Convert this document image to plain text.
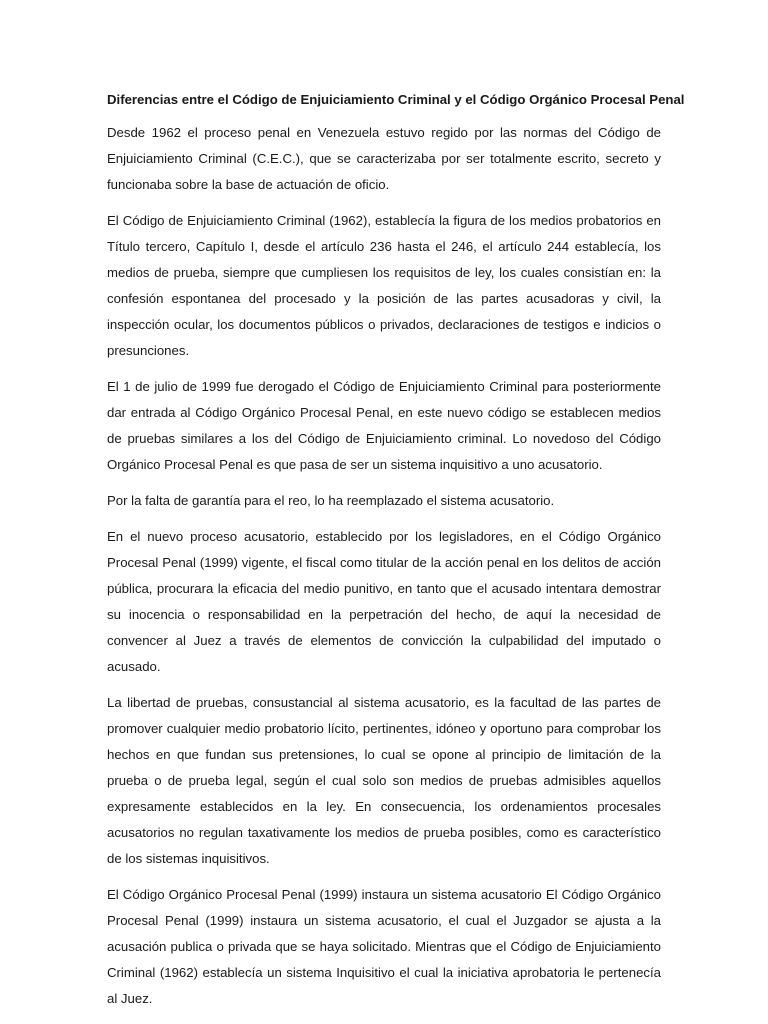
Diferencias entre el Código de Enjuiciamiento Criminal y el Código Orgánico Procesal Penal

Desde 1962 el proceso penal en Venezuela estuvo regido por las normas del Código de Enjuiciamiento Criminal (C.E.C.), que se caracterizaba por ser totalmente escrito, secreto y funcionaba sobre la base de actuación de oficio.

El Código de Enjuiciamiento Criminal (1962), establecía la figura de los medios probatorios en Título tercero, Capítulo I, desde el artículo 236 hasta el 246, el artículo 244 establecía, los medios de prueba, siempre que cumpliesen los requisitos de ley, los cuales consistían en: la confesión espontanea del procesado y la posición de las partes acusadoras y civil, la inspección ocular, los documentos públicos o privados, declaraciones de testigos e indicios o presunciones.

El 1 de julio de 1999 fue derogado el Código de Enjuiciamiento Criminal para posteriormente dar entrada al Código Orgánico Procesal Penal, en este nuevo código se establecen medios de pruebas similares a los del Código de Enjuiciamiento criminal. Lo novedoso del Código Orgánico Procesal Penal es que pasa de ser un sistema inquisitivo a uno acusatorio.

Por la falta de garantía para el reo, lo ha reemplazado el sistema acusatorio.

En el nuevo proceso acusatorio, establecido por los legisladores, en el Código Orgánico Procesal Penal (1999) vigente, el fiscal como titular de la acción penal en los delitos de acción pública, procurara la eficacia del medio punitivo, en tanto que el acusado intentara demostrar su inocencia o responsabilidad en la perpetración del hecho, de aquí la necesidad de convencer al Juez a través de elementos de convicción la culpabilidad del imputado o acusado.

La libertad de pruebas, consustancial al sistema acusatorio, es la facultad de las partes de promover cualquier medio probatorio lícito, pertinentes, idóneo y oportuno para comprobar los hechos en que fundan sus pretensiones, lo cual se opone al principio de limitación de la prueba o de prueba legal, según el cual solo son medios de pruebas admisibles aquellos expresamente establecidos en la ley. En consecuencia, los ordenamientos procesales acusatorios no regulan taxativamente los medios de prueba posibles, como es característico de los sistemas inquisitivos.

El Código Orgánico Procesal Penal (1999) instaura un sistema acusatorio El Código Orgánico Procesal Penal (1999) instaura un sistema acusatorio, el cual el Juzgador se ajusta a la acusación publica o privada que se haya solicitado. Mientras que el Código de Enjuiciamiento Criminal (1962) establecía un sistema Inquisitivo el cual la iniciativa aprobatoria le pertenecía al Juez.
